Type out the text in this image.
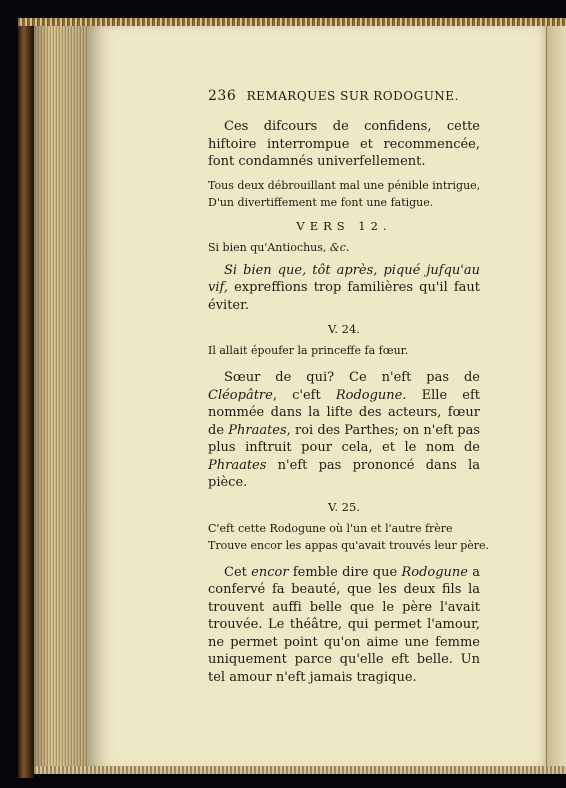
236 REMARQUES SUR RODOGUNE.

Ces difcours de confidens, cette hiftoire interrompue et recommencée, font condamnés univerfellement.

Tous deux débrouillant mal une pénible intrigue,

D'un divertiffement me font une fatigue.

VERS 12.

Si bien qu'Antiochus, &c.

Si bien que, tôt après, piqué jufqu'au vif, expreffions trop familières qu'il faut éviter.

V. 24.

Il allait époufer la princeffe fa fœur.

Sœur de qui? Ce n'eft pas de Cléopâtre, c'eft Rodogune. Elle eft nommée dans la lifte des acteurs, fœur de Phraates, roi des Parthes; on n'eft pas plus inftruit pour cela, et le nom de Phraates n'eft pas prononcé dans la pièce.

V. 25.

C'eft cette Rodogune où l'un et l'autre frère

Trouve encor les appas qu'avait trouvés leur père.

Cet encor femble dire que Rodogune a confervé fa beauté, que les deux fils la trouvent auffi belle que le père l'avait trouvée. Le théâtre, qui permet l'amour, ne permet point qu'on aime une femme uniquement parce qu'elle eft belle. Un tel amour n'eft jamais tragique.
